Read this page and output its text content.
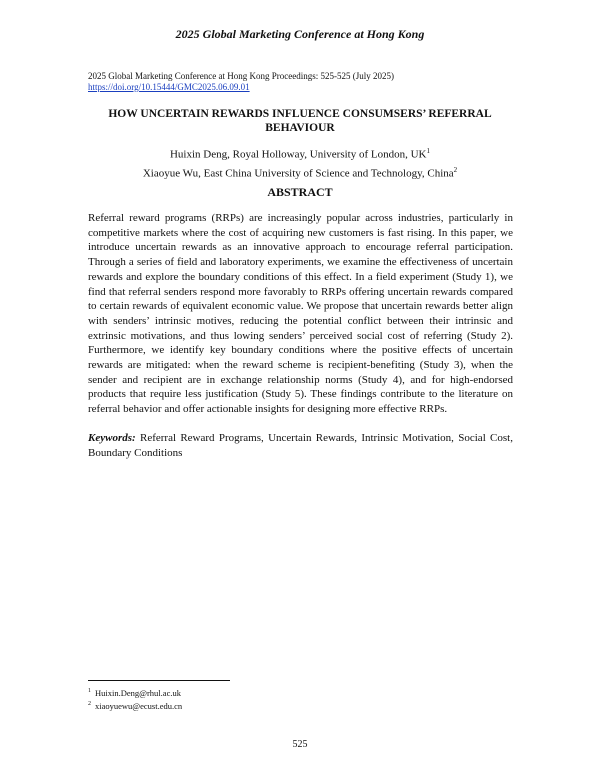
2025 Global Marketing Conference at Hong Kong
2025 Global Marketing Conference at Hong Kong Proceedings: 525-525 (July 2025)
https://doi.org/10.15444/GMC2025.06.09.01
HOW UNCERTAIN REWARDS INFLUENCE CONSUMSERS’ REFERRAL BEHAVIOUR
Huixin Deng, Royal Holloway, University of London, $UK^1$
Xiaoyue Wu, East China University of Science and Technology, China$^2$
ABSTRACT
Referral reward programs (RRPs) are increasingly popular across industries, particularly in competitive markets where the cost of acquiring new customers is fast rising. In this paper, we introduce uncertain rewards as an innovative approach to encourage referral participation. Through a series of field and laboratory experiments, we examine the effectiveness of uncertain rewards and explore the boundary conditions of this effect. In a field experiment (Study 1), we find that referral senders respond more favorably to RRPs offering uncertain rewards compared to certain rewards of equivalent economic value. We propose that uncertain rewards better align with senders’ intrinsic motives, reducing the potential conflict between their intrinsic and extrinsic motivations, and thus lowing senders’ perceived social cost of referring (Study 2). Furthermore, we identify key boundary conditions where the positive effects of uncertain rewards are mitigated: when the reward scheme is recipient-benefiting (Study 3), when the sender and recipient are in exchange relationship norms (Study 4), and for high-endorsed products that require less justification (Study 5). These findings contribute to the literature on referral behavior and offer actionable insights for designing more effective RRPs.
Keywords: Referral Reward Programs, Uncertain Rewards, Intrinsic Motivation, Social Cost, Boundary Conditions
$^1$ Huixin.Deng@rhul.ac.uk
$^2$ xiaoyuewu@ecust.edu.cn
525
